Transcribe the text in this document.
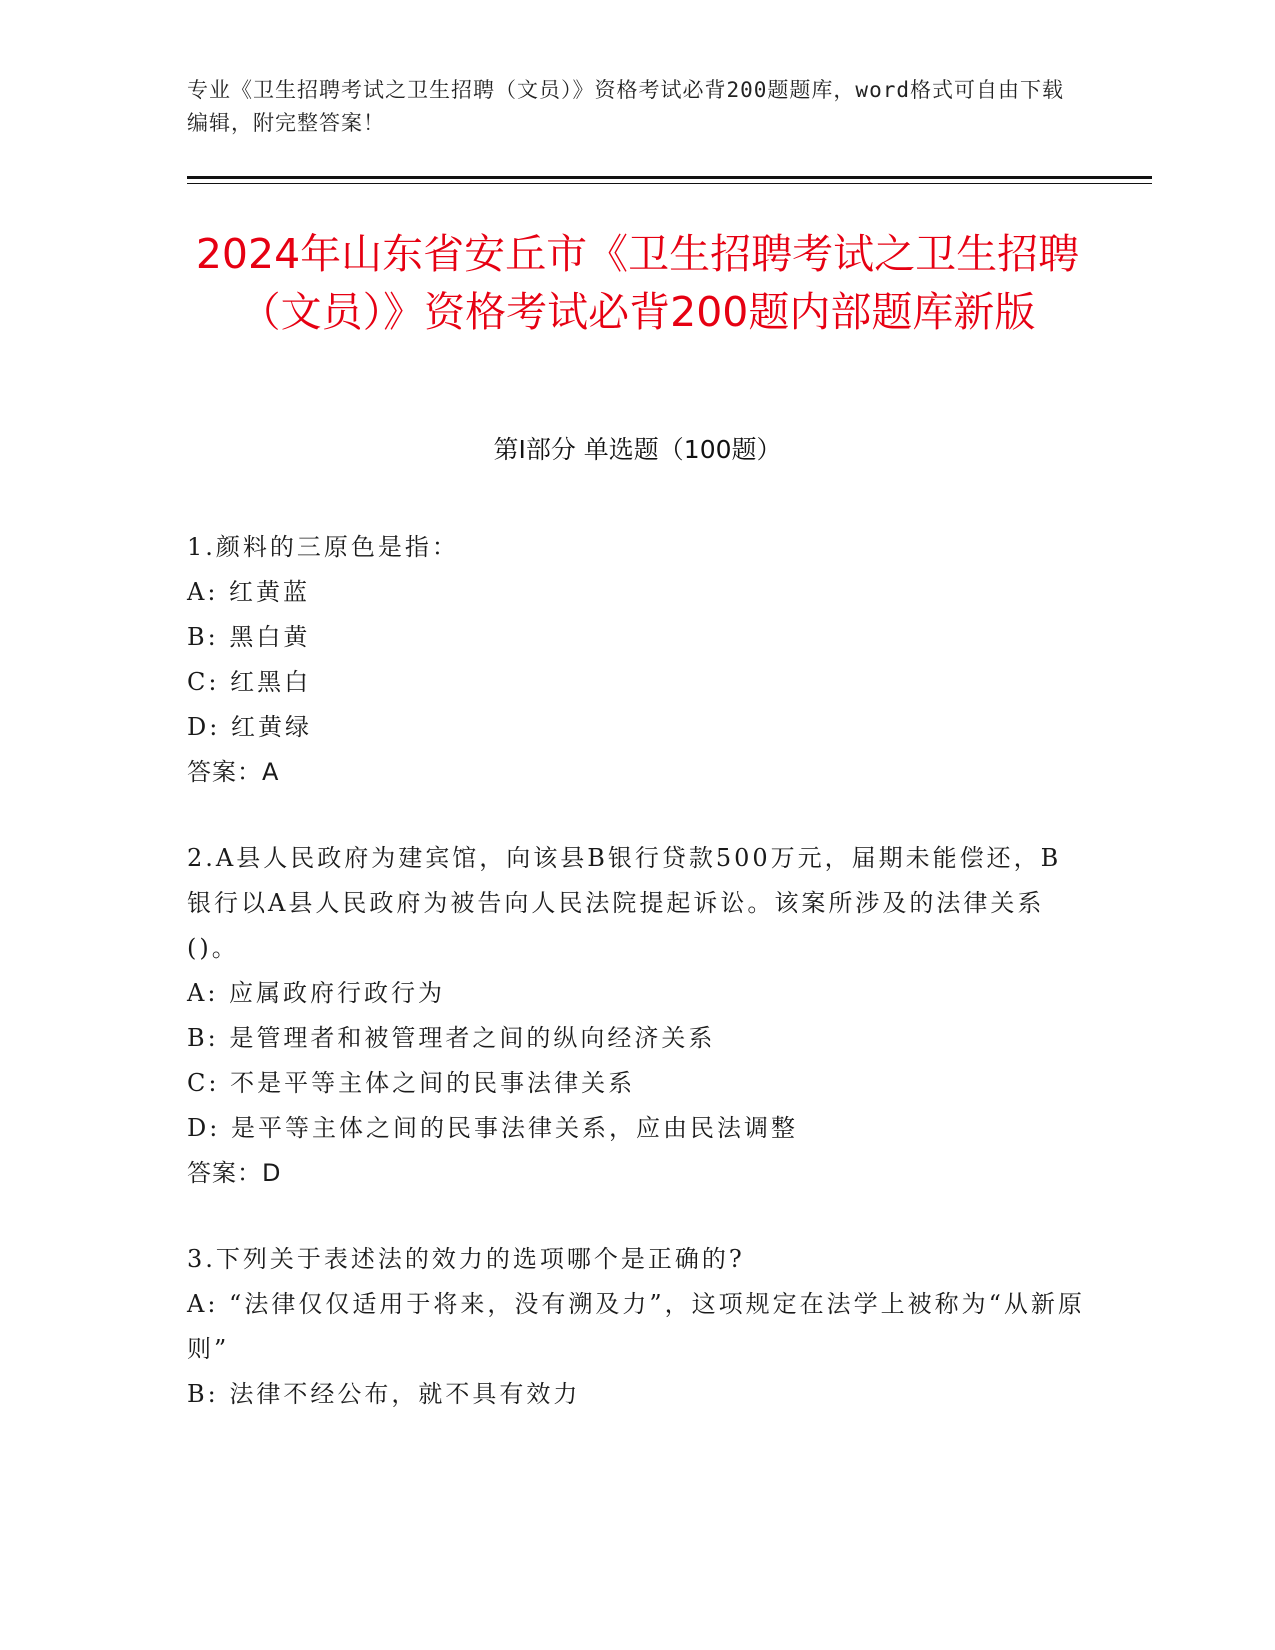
专业《卫生招聘考试之卫生招聘（文员）》资格考试必背200题题库，word格式可自由下载编辑，附完整答案！
2024年山东省安丘市《卫生招聘考试之卫生招聘（文员）》资格考试必背200题内部题库新版
第I部分 单选题（100题）
1.颜料的三原色是指：
A: 红黄蓝
B: 黑白黄
C: 红黑白
D: 红黄绿
答案：A
2.A县人民政府为建宾馆，向该县B银行贷款500万元，届期未能偿还，B银行以A县人民政府为被告向人民法院提起诉讼。该案所涉及的法律关系()。
A: 应属政府行政行为
B: 是管理者和被管理者之间的纵向经济关系
C: 不是平等主体之间的民事法律关系
D: 是平等主体之间的民事法律关系，应由民法调整
答案：D
3.下列关于表述法的效力的选项哪个是正确的?
A: “法律仅仅适用于将来，没有溯及力”，这项规定在法学上被称为“从新原则”
B: 法律不经公布，就不具有效力
